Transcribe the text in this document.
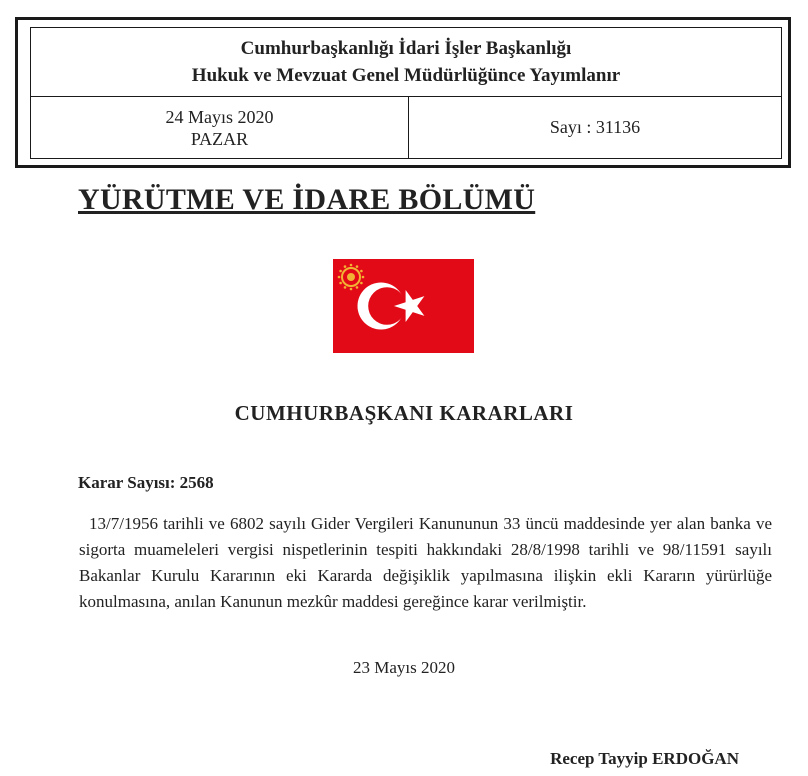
Cumhurbaşkanlığı İdari İşler Başkanlığı
Hukuk ve Mevzuat Genel Müdürlüğünce Yayımlanır
24 Mayıs 2020
PAZAR
Sayı : 31136
YÜRÜTME VE İDARE BÖLÜMÜ
CUMHURBAŞKANI KARARLARI
Karar Sayısı: 2568
13/7/1956 tarihli ve 6802 sayılı Gider Vergileri Kanununun 33 üncü maddesinde yer alan banka ve sigorta muameleleri vergisi nispetlerinin tespiti hakkındaki 28/8/1998 tarihli ve 98/11591 sayılı Bakanlar Kurulu Kararının eki Kararda değişiklik yapılmasına ilişkin ekli Kararın yürürlüğe konulmasına, anılan Kanunun mezkûr maddesi gereğince karar verilmiştir.
23 Mayıs 2020
Recep Tayyip ERDOĞAN
